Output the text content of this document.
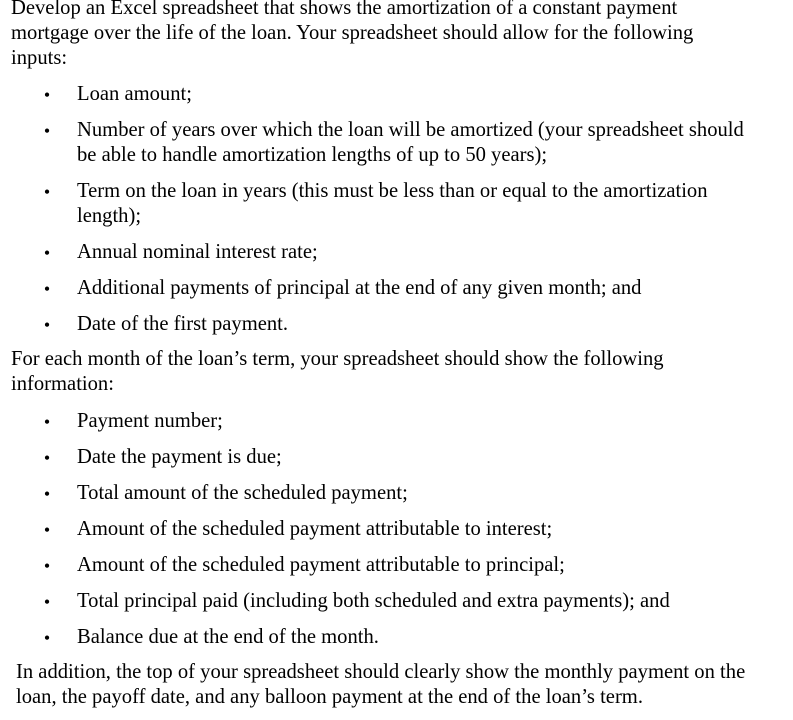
Develop an Excel spreadsheet that shows the amortization of a constant payment
mortgage over the life of the loan. Your spreadsheet should allow for the following
inputs:
• Loan amount;
• Number of years over which the loan will be amortized (your spreadsheet should
be able to handle amortization lengths of up to 50 years);
• Term on the loan in years (this must be less than or equal to the amortization
length);
• Annual nominal interest rate;
• Additional payments of principal at the end of any given month; and
• Date of the first payment.
For each month of the loan’s term, your spreadsheet should show the following
information:
• Payment number;
• Date the payment is due;
• Total amount of the scheduled payment;
• Amount of the scheduled payment attributable to interest;
• Amount of the scheduled payment attributable to principal;
• Total principal paid (including both scheduled and extra payments); and
• Balance due at the end of the month.
In addition, the top of your spreadsheet should clearly show the monthly payment on the
loan, the payoff date, and any balloon payment at the end of the loan’s term.
